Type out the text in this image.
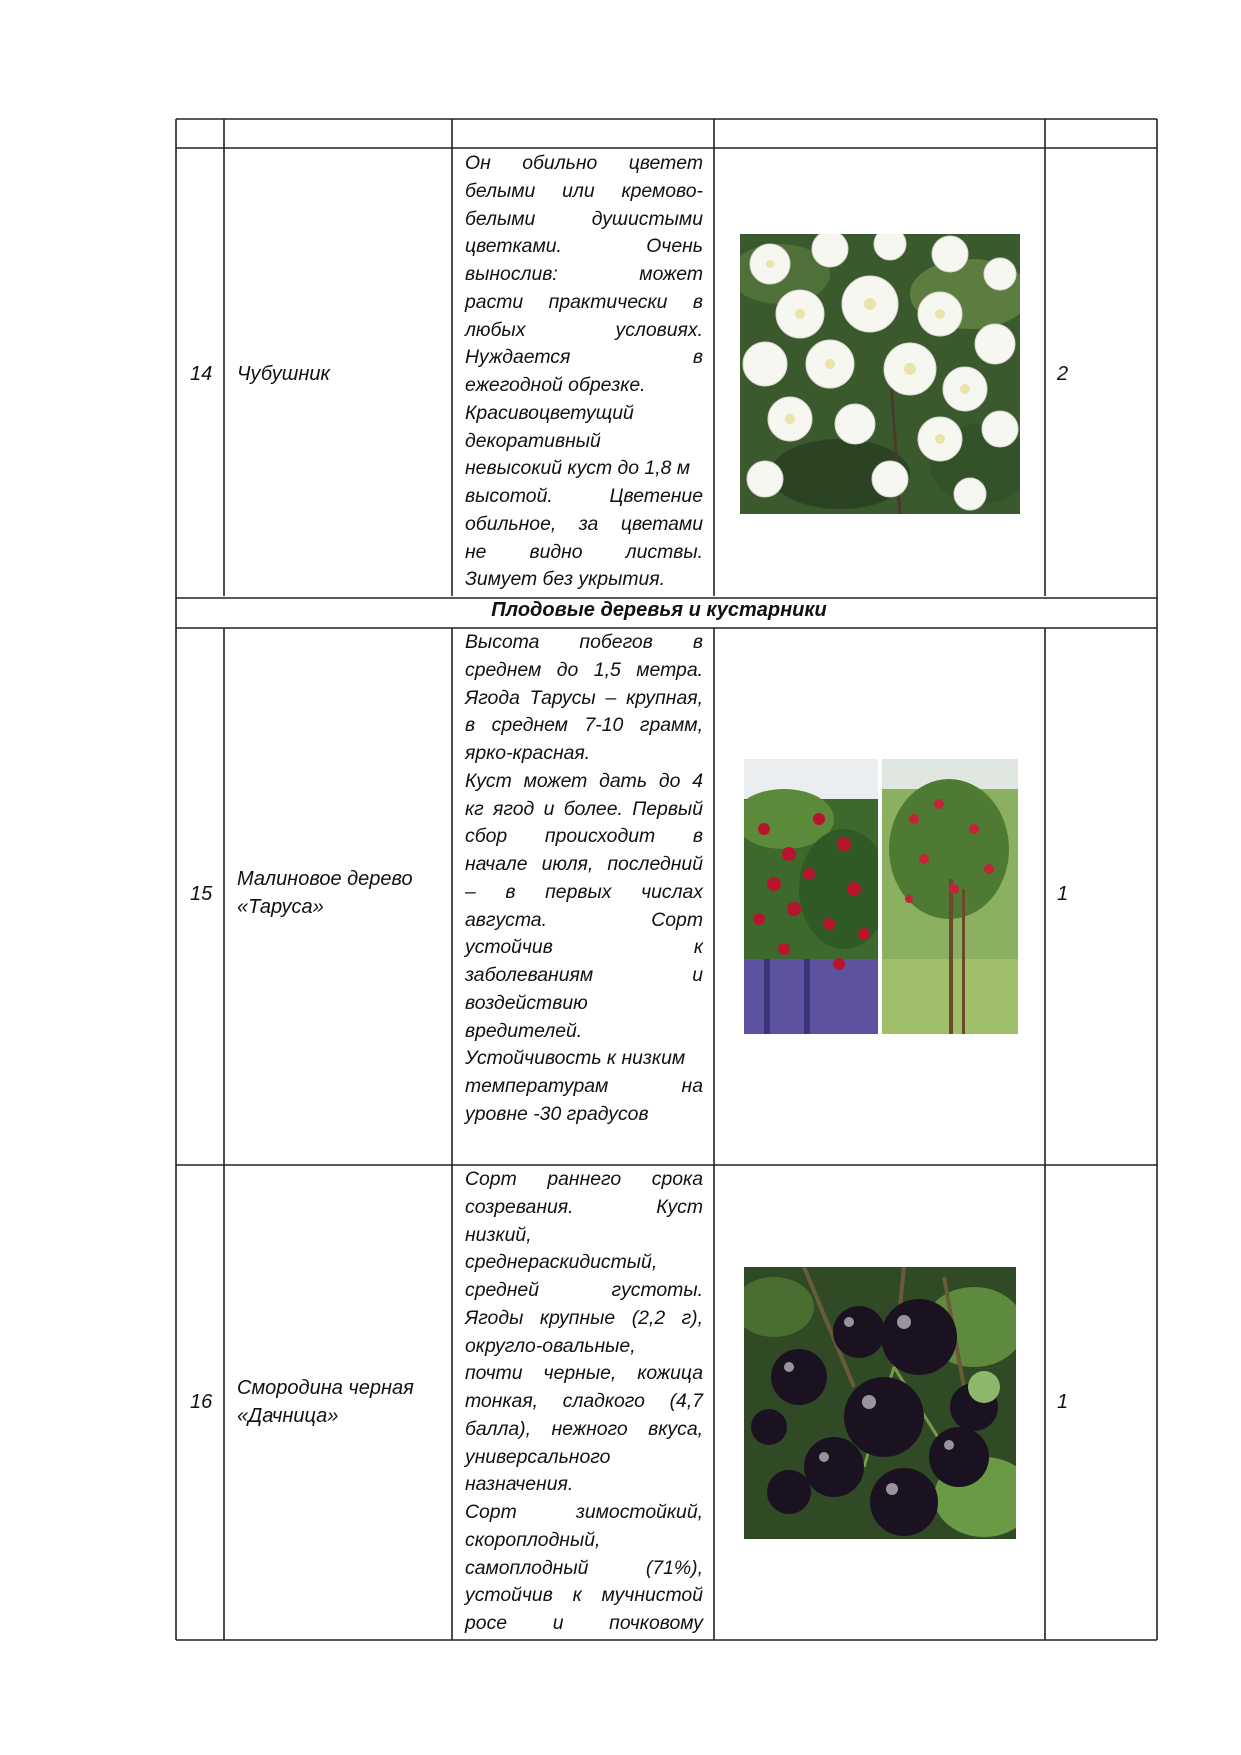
14 Чубушник
Он обильно цветет
белыми или кремово-
белыми душистыми
цветками. Очень
вынослив: может
расти практически в
любых условиях.
Нуждается в
ежегодной обрезке.
Красивоцветущий
декоративный
невысокий куст до 1,8 м
высотой. Цветение
обильное, за цветами
не видно листвы.
Зимует без укрытия.
2
Плодовые деревья и кустарники
15
Малиновое дерево
«Таруса»
Высота побегов в
среднем до 1,5 метра.
Ягода Тарусы – крупная,
в среднем 7-10 грамм,
ярко-красная.
Куст может дать до 4
кг ягод и более. Первый
сбор происходит в
начале июля, последний
– в первых числах
августа. Сорт
устойчив к
заболеваниям и
воздействию
вредителей.
Устойчивость к низким
температурам на
уровне -30 градусов
1
16
Смородина черная
«Дачница»
Сорт раннего срока
созревания. Куст
низкий,
среднераскидистый,
средней густоты.
Ягоды крупные (2,2 г),
округло-овальные,
почти черные, кожица
тонкая, сладкого (4,7
балла), нежного вкуса,
универсального
назначения.
Сорт зимостойкий,
скороплодный,
самоплодный (71%),
устойчив к мучнистой
росе и почковому
1
